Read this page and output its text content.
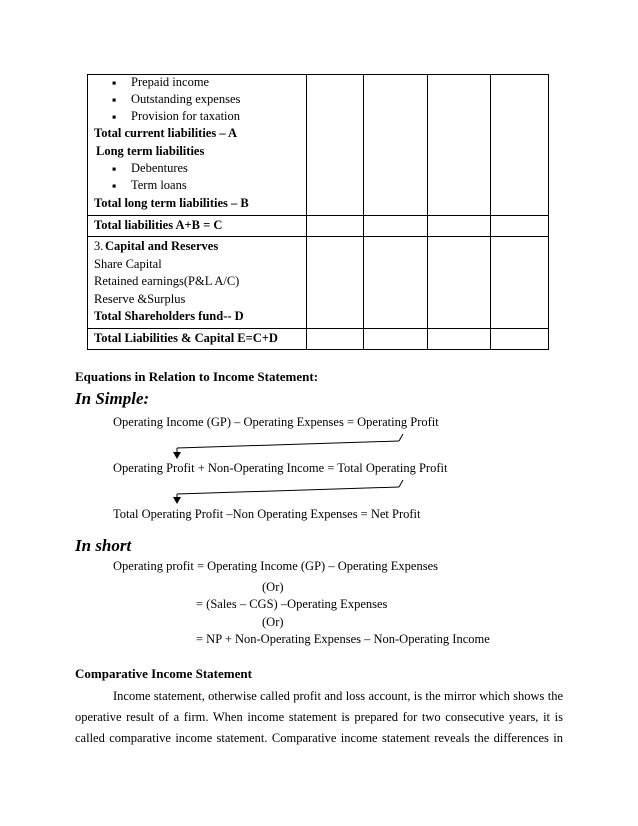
▪ Prepaid income
▪ Outstanding expenses
▪ Provision for taxation
Total current liabilities – A
Long term liabilities
▪ Debentures
▪ Term loans
Total long term liabilities – B
Total liabilities A+B = C
3. Capital and Reserves
Share Capital
Retained earnings(P&L A/C)
Reserve &Surplus
Total Shareholders fund-- D
Total Liabilities & Capital E=C+D
Equations in Relation to Income Statement:
In Simple:
Operating Income (GP) – Operating Expenses = Operating Profit
Operating Profit + Non-Operating Income = Total Operating Profit
Total Operating Profit –Non Operating Expenses = Net Profit
In short
Operating profit = Operating Income (GP) – Operating Expenses
(Or)
= (Sales – CGS) –Operating Expenses
(Or)
= NP + Non-Operating Expenses – Non-Operating Income
Comparative Income Statement
Income statement, otherwise called profit and loss account, is the mirror which shows the
operative result of a firm. When income statement is prepared for two consecutive years, it is
called comparative income statement. Comparative income statement reveals the differences in
